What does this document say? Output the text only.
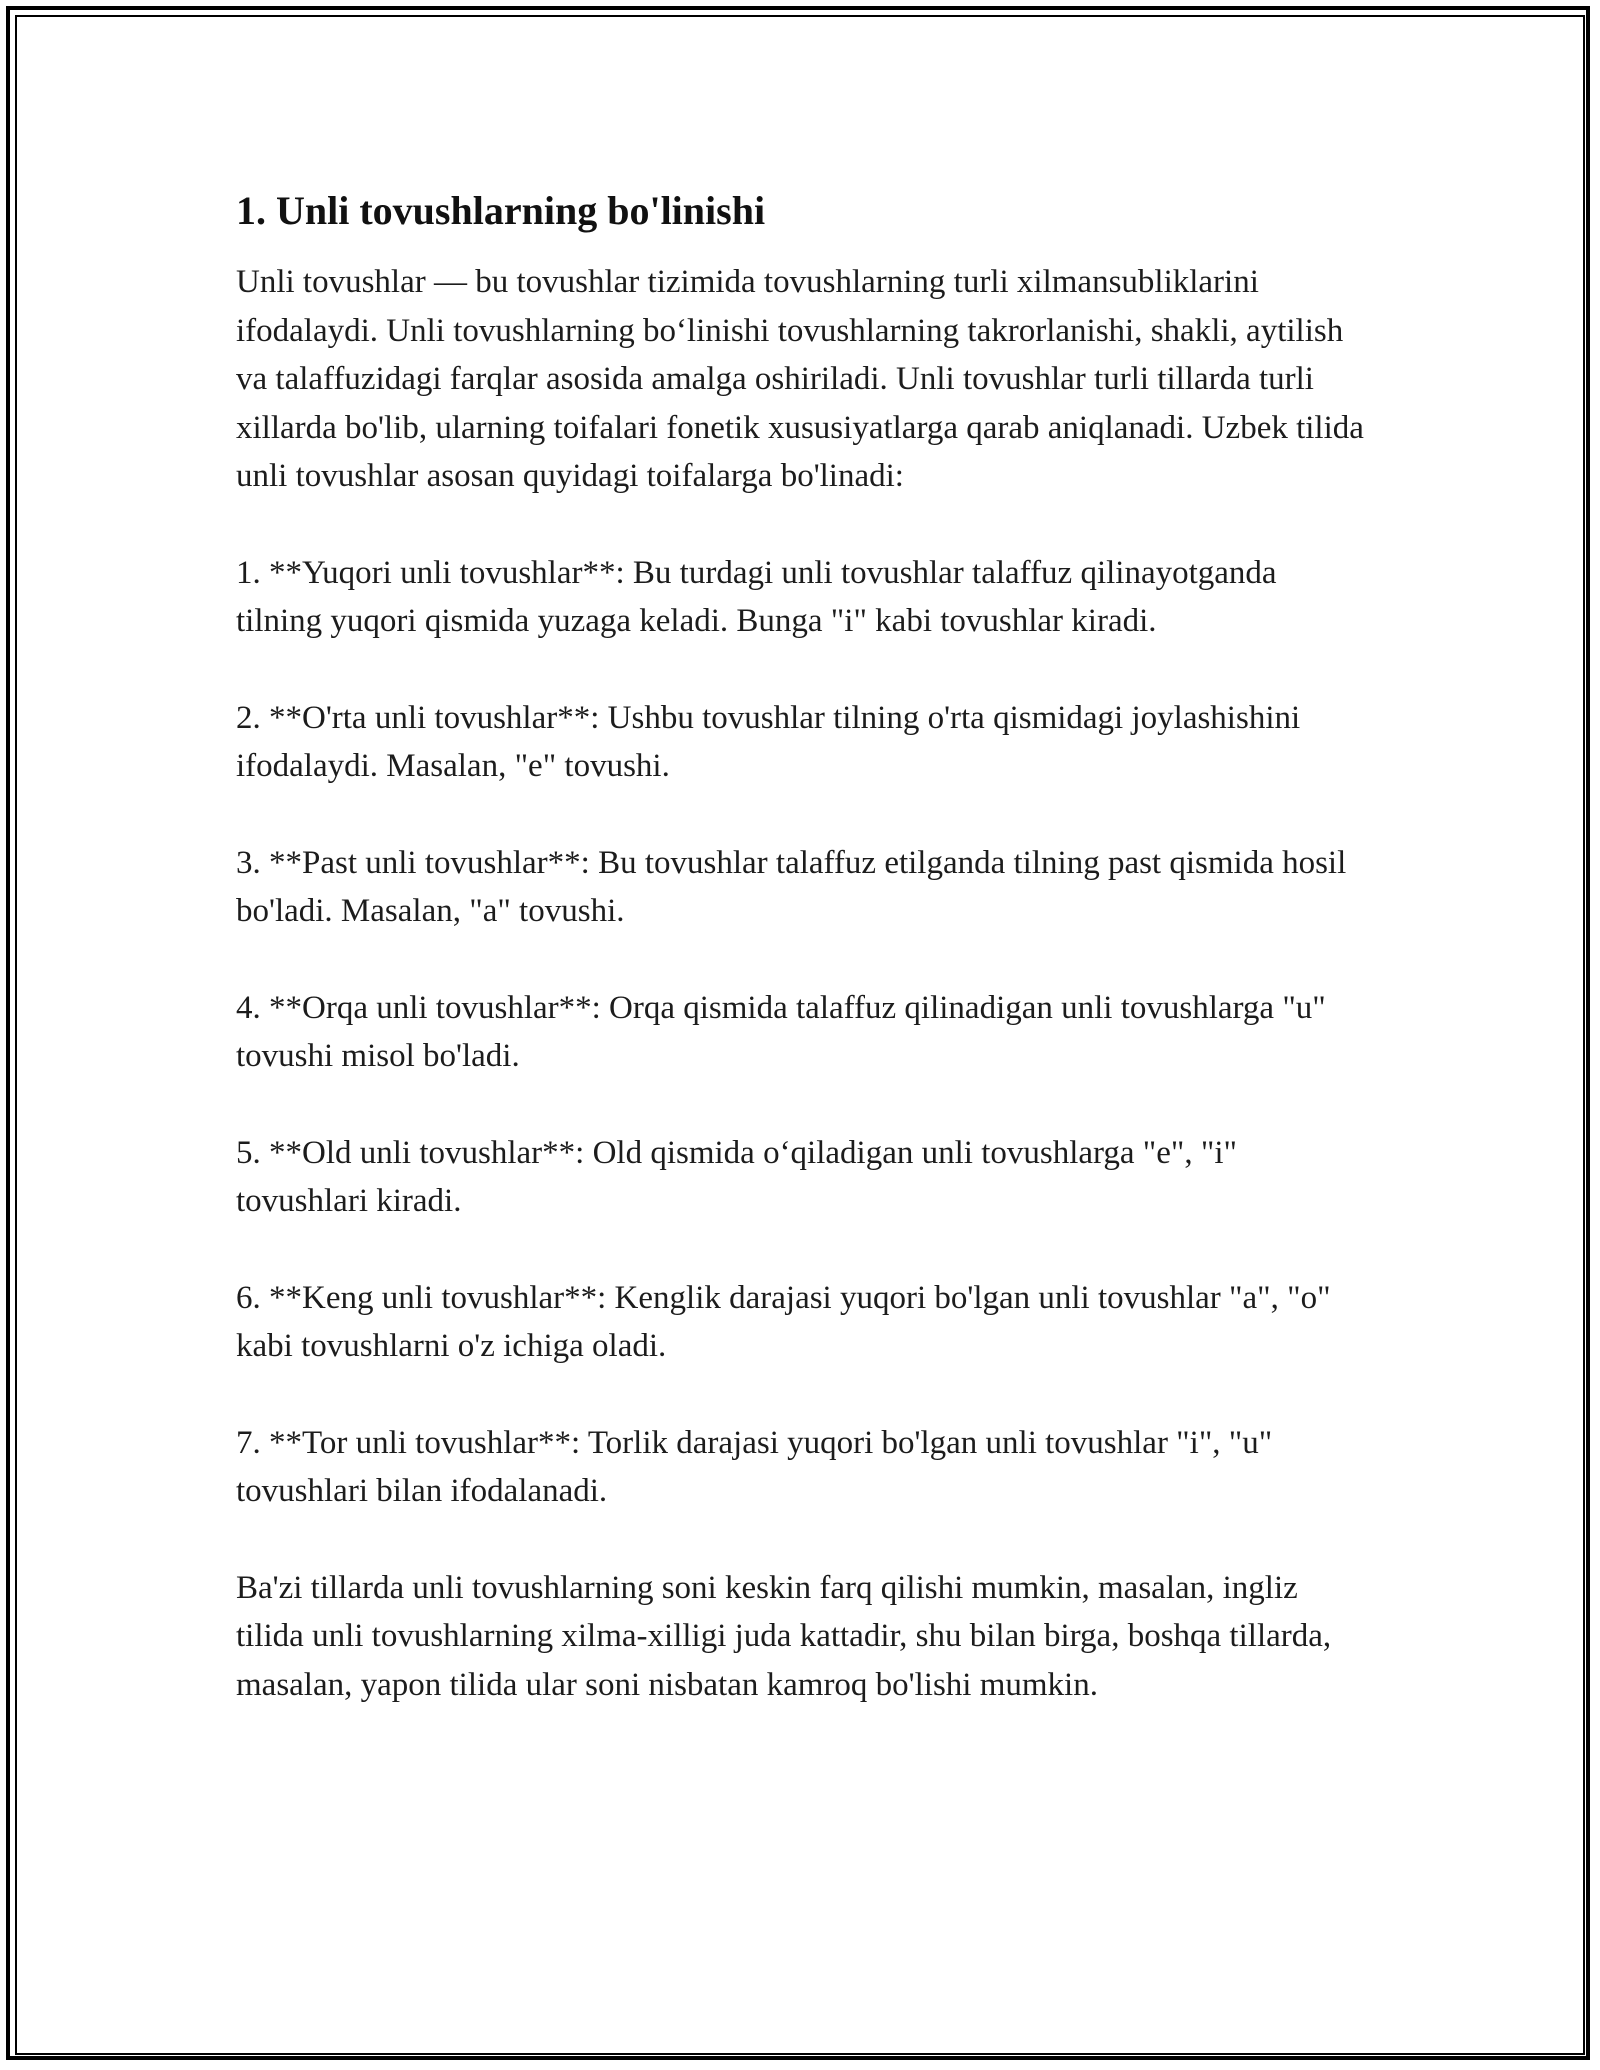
1. Unli tovushlarning bo'linishi

Unli tovushlar — bu tovushlar tizimida tovushlarning turli xilmansubliklarini ifodalaydi. Unli tovushlarning bo‘linishi tovushlarning takrorlanishi, shakli, aytilish va talaffuzidagi farqlar asosida amalga oshiriladi. Unli tovushlar turli tillarda turli xillarda bo'lib, ularning toifalari fonetik xususiyatlarga qarab aniqlanadi. Uzbek tilida unli tovushlar asosan quyidagi toifalarga bo'linadi:

1. **Yuqori unli tovushlar**: Bu turdagi unli tovushlar talaffuz qilinayotganda tilning yuqori qismida yuzaga keladi. Bunga "i" kabi tovushlar kiradi.

2. **O'rta unli tovushlar**: Ushbu tovushlar tilning o'rta qismidagi joylashishini ifodalaydi. Masalan, "e" tovushi.

3. **Past unli tovushlar**: Bu tovushlar talaffuz etilganda tilning past qismida hosil bo'ladi. Masalan, "a" tovushi.

4. **Orqa unli tovushlar**: Orqa qismida talaffuz qilinadigan unli tovushlarga "u" tovushi misol bo'ladi.

5. **Old unli tovushlar**: Old qismida o‘qiladigan unli tovushlarga "e", "i" tovushlari kiradi.

6. **Keng unli tovushlar**: Kenglik darajasi yuqori bo'lgan unli tovushlar "a", "o" kabi tovushlarni o'z ichiga oladi.

7. **Tor unli tovushlar**: Torlik darajasi yuqori bo'lgan unli tovushlar "i", "u" tovushlari bilan ifodalanadi.

Ba'zi tillarda unli tovushlarning soni keskin farq qilishi mumkin, masalan, ingliz tilida unli tovushlarning xilma-xilligi juda kattadir, shu bilan birga, boshqa tillarda, masalan, yapon tilida ular soni nisbatan kamroq bo'lishi mumkin.
